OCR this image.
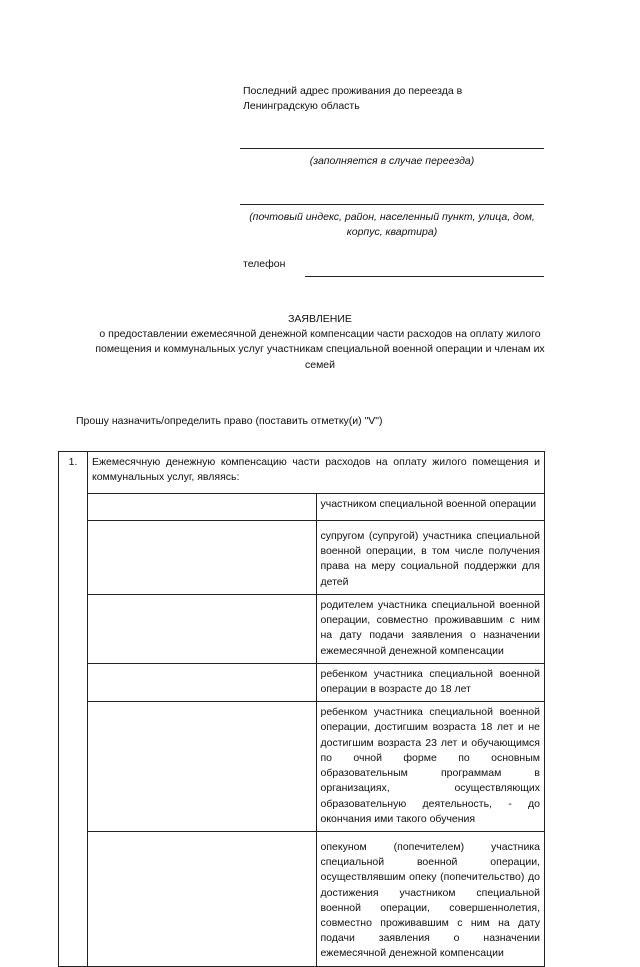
Последний адрес проживания до переезда в
Ленинградскую область
(заполняется в случае переезда)
(почтовый индекс, район, населенный пункт, улица, дом,
корпус, квартира)
телефон
ЗАЯВЛЕНИЕ
о предоставлении ежемесячной денежной компенсации части расходов на оплату жилого
помещения и коммунальных услуг участникам специальной военной операции и членам их
семей
Прошу назначить/определить право (поставить отметку(и) "V")
1.	Ежемесячную денежную компенсацию части расходов на оплату жилого помещения и коммунальных услуг, являясь:	
		участником специальной военной операции
		супругом (супругой) участника специальной военной операции, в том числе получения права на меру социальной поддержки для детей
		родителем участника специальной военной операции, совместно проживавшим с ним на дату подачи заявления о назначении ежемесячной денежной компенсации
		ребенком участника специальной военной операции в возрасте до 18 лет
		ребенком участника специальной военной операции, достигшим возраста 18 лет и не достигшим возраста 23 лет и обучающимся по очной форме по основным образовательным программам в организациях, осуществляющих образовательную деятельность, - до окончания ими такого обучения
		опекуном (попечителем) участника специальной военной операции, осуществлявшим опеку (попечительство) до достижения участником специальной военной операции, совершеннолетия, совместно проживавшим с ним на дату подачи заявления о назначении ежемесячной денежной компенсации
